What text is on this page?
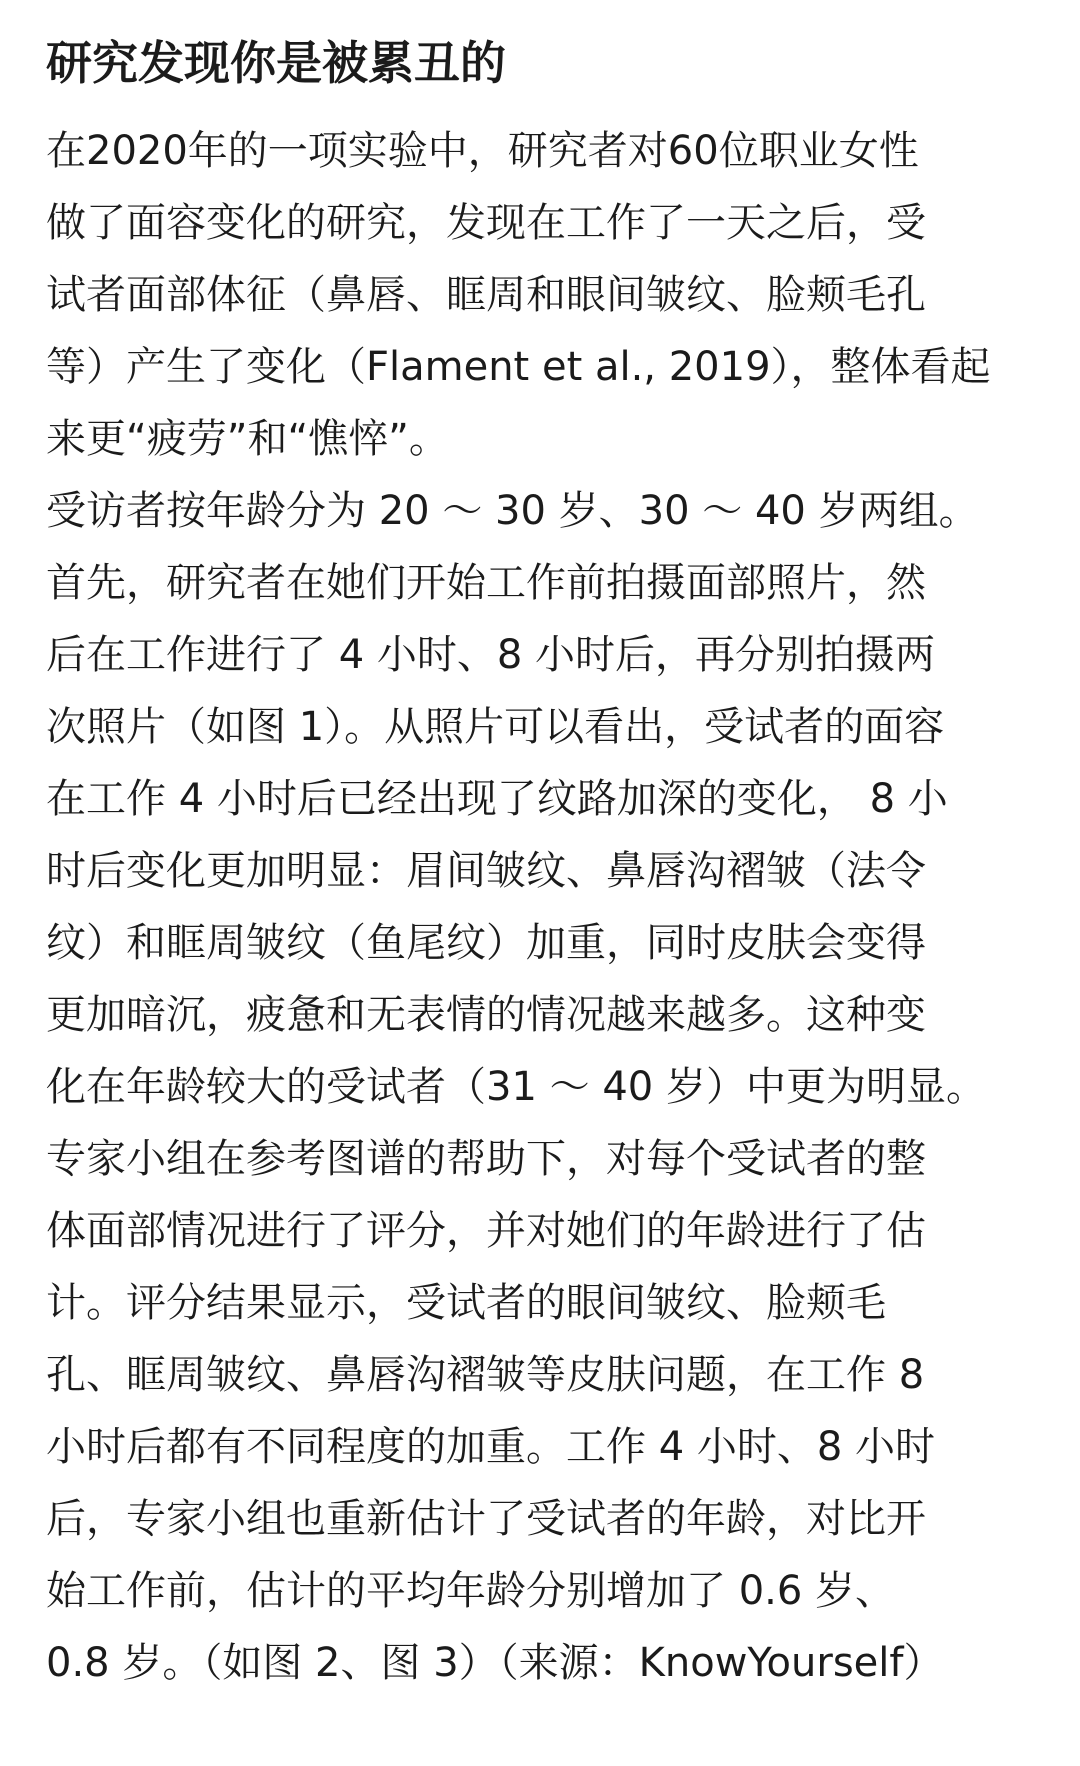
研究发现你是被累丑的
在2020年的一项实验中，研究者对60位职业女性
做了面容变化的研究，发现在工作了一天之后，受
试者面部体征（鼻唇、眶周和眼间皱纹、脸颊毛孔
等）产生了变化（Flament et al., 2019），整体看起
来更“疲劳”和“憔悴”。
受访者按年龄分为 20 ～ 30 岁、30 ～ 40 岁两组。
首先，研究者在她们开始工作前拍摄面部照片，然
后在工作进行了 4 小时、8 小时后，再分别拍摄两
次照片（如图 1）。从照片可以看出，受试者的面容
在工作 4 小时后已经出现了纹路加深的变化， 8 小
时后变化更加明显：眉间皱纹、鼻唇沟褶皱（法令
纹）和眶周皱纹（鱼尾纹）加重，同时皮肤会变得
更加暗沉，疲惫和无表情的情况越来越多。这种变
化在年龄较大的受试者（31 ～ 40 岁）中更为明显。
专家小组在参考图谱的帮助下，对每个受试者的整
体面部情况进行了评分，并对她们的年龄进行了估
计。评分结果显示，受试者的眼间皱纹、脸颊毛
孔、眶周皱纹、鼻唇沟褶皱等皮肤问题，在工作 8
小时后都有不同程度的加重。工作 4 小时、8 小时
后，专家小组也重新估计了受试者的年龄，对比开
始工作前，估计的平均年龄分别增加了 0.6 岁、
0.8 岁。（如图 2、图 3）（来源：KnowYourself）
